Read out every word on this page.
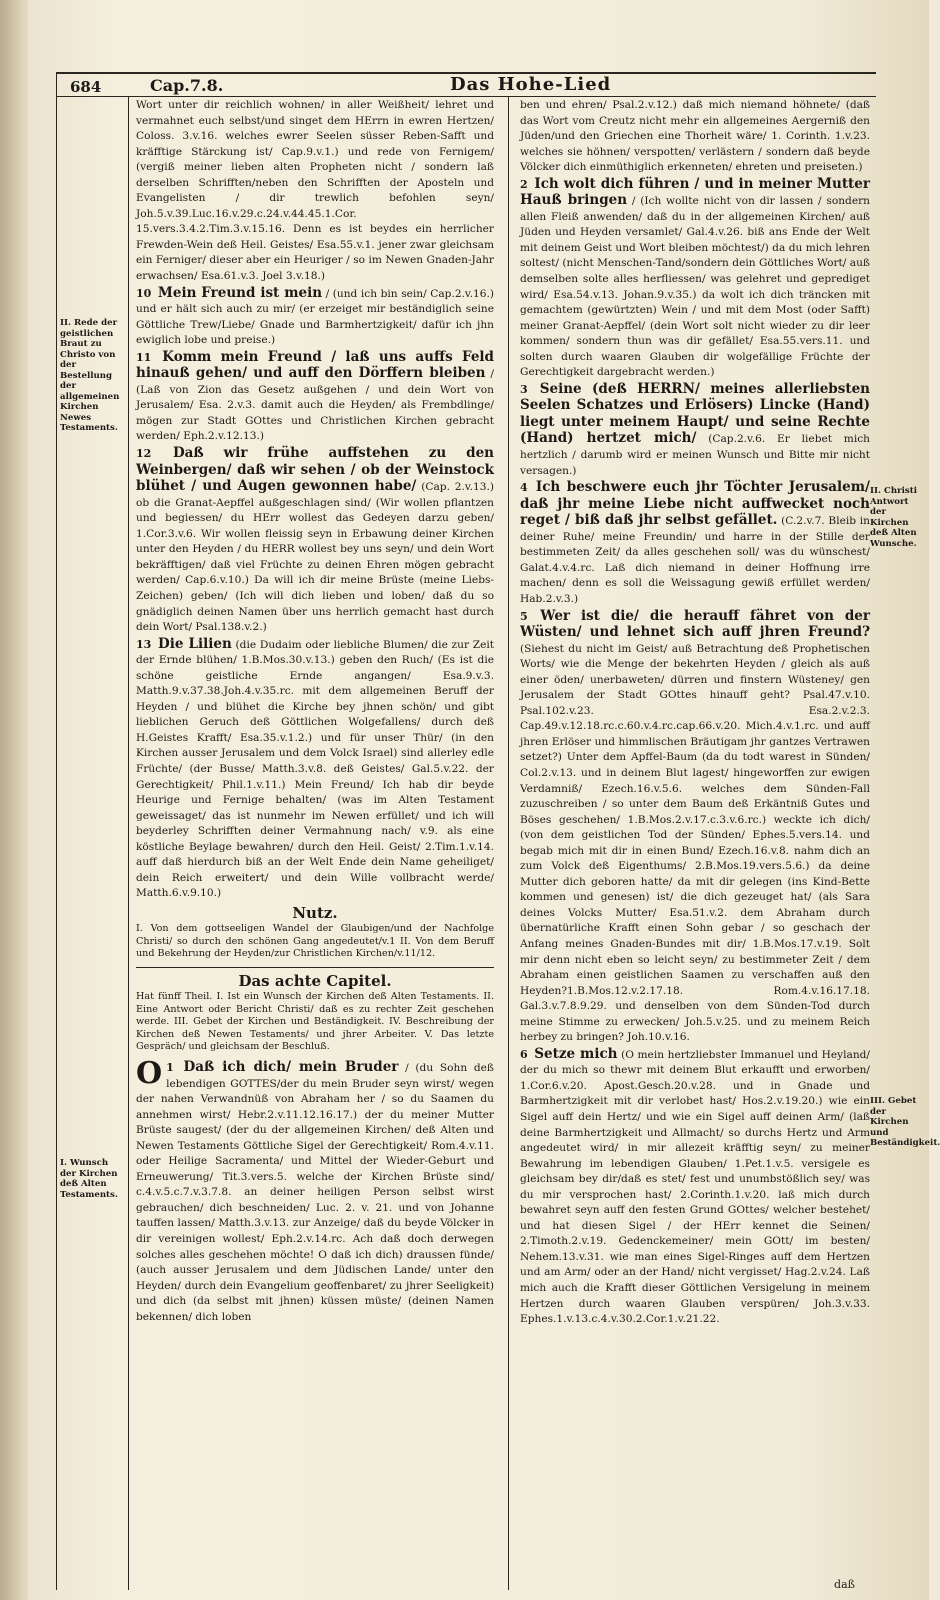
684	Cap.7.8.	Das Hohe-Lied
II. Rede der geistlichen Braut zu Christo von der Bestellung der allgemeinen Kirchen Newes Testaments.
I. Wunsch der Kirchen deß Alten Testaments.
II. Christi Antwort der Kirchen deß Alten Wunsche.
III. Gebet der Kirchen und Beständigkeit.

Wort unter dir reichlich wohnen/ in aller Weißheit/ lehret und vermahnet euch selbst/und singet dem HErrn in ewren Hertzen/ Coloss. 3.v.16. welches ewrer Seelen süsser Reben-Safft und kräfftige Stärckung ist/ Cap.9.v.1.) und rede von Fernigem/ (vergiß meiner lieben alten Propheten nicht / sondern laß derselben Schrifften/neben den Schrifften der Aposteln und Evangelisten / dir trewlich befohlen seyn/ Joh.5.v.39.Luc.16.v.29.c.24.v.44.45.1.Cor. 15.vers.3.4.2.Tim.3.v.15.16. Denn es ist beydes ein herrlicher Frewden-Wein deß Heil. Geistes/ Esa.55.v.1. jener zwar gleichsam ein Ferniger/ dieser aber ein Heuriger / so im Newen Gnaden-Jahr erwachsen/ Esa.61.v.3. Joel 3.v.18.)

10 Mein Freund ist mein / (und ich bin sein/ Cap.2.v.16.) und er hält sich auch zu mir/ (er erzeiget mir beständiglich seine Göttliche Trew/Liebe/ Gnade und Barmhertzigkeit/ dafür ich jhn ewiglich lobe und preise.)

11 Komm mein Freund / laß uns auffs Feld hinauß gehen/ und auff den Dörffern bleiben / (Laß von Zion das Gesetz außgehen / und dein Wort von Jerusalem/ Esa. 2.v.3. damit auch die Heyden/ als Frembdlinge/ mögen zur Stadt GOttes und Christlichen Kirchen gebracht werden/ Eph.2.v.12.13.)

12 Daß wir frühe auffstehen zu den Weinbergen/ daß wir sehen / ob der Weinstock blühet / und Augen gewonnen habe/ (Cap. 2.v.13.) ob die Granat-Aepffel außgeschlagen sind/ (Wir wollen pflantzen und begiessen/ du HErr wollest das Gedeyen darzu geben/ 1.Cor.3.v.6. Wir wollen fleissig seyn in Erbawung deiner Kirchen unter den Heyden / du HERR wollest bey uns seyn/ und dein Wort bekräfftigen/ daß viel Früchte zu deinen Ehren mögen gebracht werden/ Cap.6.v.10.) Da will ich dir meine Brüste (meine Liebs-Zeichen) geben/ (Ich will dich lieben und loben/ daß du so gnädiglich deinen Namen über uns herrlich gemacht hast durch dein Wort/ Psal.138.v.2.)

13 Die Lilien (die Dudaim oder liebliche Blumen/ die zur Zeit der Ernde blühen/ 1.B.Mos.30.v.13.) geben den Ruch/ (Es ist die schöne geistliche Ernde angangen/ Esa.9.v.3. Matth.9.v.37.38.Joh.4.v.35.rc. mit dem allgemeinen Beruff der Heyden / und blühet die Kirche bey jhnen schön/ und gibt lieblichen Geruch deß Göttlichen Wolgefallens/ durch deß H.Geistes Krafft/ Esa.35.v.1.2.) und für unser Thür/ (in den Kirchen ausser Jerusalem und dem Volck Israel) sind allerley edle Früchte/ (der Busse/ Matth.3.v.8. deß Geistes/ Gal.5.v.22. der Gerechtigkeit/ Phil.1.v.11.) Mein Freund/ Ich hab dir beyde Heurige und Fernige behalten/ (was im Alten Testament geweissaget/ das ist nunmehr im Newen erfüllet/ und ich will beyderley Schrifften deiner Vermahnung nach/ v.9. als eine köstliche Beylage bewahren/ durch den Heil. Geist/ 2.Tim.1.v.14. auff daß hierdurch biß an der Welt Ende dein Name geheiliget/ dein Reich erweitert/ und dein Wille vollbracht werde/ Matth.6.v.9.10.)

Nutz.
I. Von dem gottseeligen Wandel der Glaubigen/und der Nachfolge Christi/ so durch den schönen Gang angedeutet/v.1 II. Von dem Beruff und Bekehrung der Heyden/zur Christlichen Kirchen/v.11/12.
Das achte Capitel.
Hat fünff Theil. I. Ist ein Wunsch der Kirchen deß Alten Testaments. II. Eine Antwort oder Bericht Christi/ daß es zu rechter Zeit geschehen werde. III. Gebet der Kirchen und Beständigkeit. IV. Beschreibung der Kirchen deß Newen Testaments/ und jhrer Arbeiter. V. Das letzte Gespräch/ und gleichsam der Beschluß.

1
O Daß ich dich/ mein Bruder / (du Sohn deß lebendigen GOTTES/der du mein Bruder seyn wirst/ wegen der nahen Verwandnüß von Abraham her / so du Saamen du annehmen wirst/ Hebr.2.v.11.12.16.17.) der du meiner Mutter Brüste saugest/ (der du der allgemeinen Kirchen/ deß Alten und Newen Testaments Göttliche Sigel der Gerechtigkeit/ Rom.4.v.11. oder Heilige Sacramenta/ und Mittel der Wieder-Geburt und Erneuwerung/ Tit.3.vers.5. welche der Kirchen Brüste sind/ c.4.v.5.c.7.v.3.7.8. an deiner heiligen Person selbst wirst gebrauchen/ dich beschneiden/ Luc. 2. v. 21. und von Johanne tauffen lassen/ Matth.3.v.13. zur Anzeige/ daß du beyde Völcker in dir vereinigen wollest/ Eph.2.v.14.rc. Ach daß doch derwegen solches alles geschehen möchte! O daß ich dich) draussen fünde/ (auch ausser Jerusalem und dem Jüdischen Lande/ unter den Heyden/ durch dein Evangelium geoffenbaret/ zu jhrer Seeligkeit) und dich (da selbst mit jhnen) küssen müste/ (deinen Namen bekennen/ dich loben

ben und ehren/ Psal.2.v.12.) daß mich niemand höhnete/ (daß das Wort vom Creutz nicht mehr ein allgemeines Aergerniß den Jüden/und den Griechen eine Thorheit wäre/ 1. Corinth. 1.v.23. welches sie höhnen/ verspotten/ verlästern / sondern daß beyde Völcker dich einmüthiglich erkenneten/ ehreten und preiseten.)

2 Ich wolt dich führen / und in meiner Mutter Hauß bringen / (Ich wollte nicht von dir lassen / sondern allen Fleiß anwenden/ daß du in der allgemeinen Kirchen/ auß Jüden und Heyden versamlet/ Gal.4.v.26. biß ans Ende der Welt mit deinem Geist und Wort bleiben möchtest/) da du mich lehren soltest/ (nicht Menschen-Tand/sondern dein Göttliches Wort/ auß demselben solte alles herfliessen/ was gelehret und geprediget wird/ Esa.54.v.13. Johan.9.v.35.) da wolt ich dich träncken mit gemachtem (gewürtzten) Wein / und mit dem Most (oder Safft) meiner Granat-Aepffel/ (dein Wort solt nicht wieder zu dir leer kommen/ sondern thun was dir gefället/ Esa.55.vers.11. und solten durch waaren Glauben dir wolgefällige Früchte der Gerechtigkeit dargebracht werden.)

3 Seine (deß HERRN/ meines allerliebsten Seelen Schatzes und Erlösers) Lincke (Hand) liegt unter meinem Haupt/ und seine Rechte (Hand) hertzet mich/ (Cap.2.v.6. Er liebet mich hertzlich / darumb wird er meinen Wunsch und Bitte mir nicht versagen.)

4 Ich beschwere euch jhr Töchter Jerusalem/ daß jhr meine Liebe nicht auffwecket noch reget / biß daß jhr selbst gefället. (C.2.v.7. Bleib in deiner Ruhe/ meine Freundin/ und harre in der Stille der bestimmeten Zeit/ da alles geschehen soll/ was du wünschest/ Galat.4.v.4.rc. Laß dich niemand in deiner Hoffnung irre machen/ denn es soll die Weissagung gewiß erfüllet werden/ Hab.2.v.3.)

5 Wer ist die/ die herauff fähret von der Wüsten/ und lehnet sich auff jhren Freund? (Siehest du nicht im Geist/ auß Betrachtung deß Prophetischen Worts/ wie die Menge der bekehrten Heyden / gleich als auß einer öden/ unerbaweten/ dürren und finstern Wüsteney/ gen Jerusalem der Stadt GOttes hinauff geht? Psal.47.v.10. Psal.102.v.23. Esa.2.v.2.3. Cap.49.v.12.18.rc.c.60.v.4.rc.cap.66.v.20. Mich.4.v.1.rc. und auff jhren Erlöser und himmlischen Bräutigam jhr gantzes Vertrawen setzet?) Unter dem Apffel-Baum (da du todt warest in Sünden/ Col.2.v.13. und in deinem Blut lagest/ hingeworffen zur ewigen Verdamniß/ Ezech.16.v.5.6. welches dem Sünden-Fall zuzuschreiben / so unter dem Baum deß Erkäntniß Gutes und Böses geschehen/ 1.B.Mos.2.v.17.c.3.v.6.rc.) weckte ich dich/ (von dem geistlichen Tod der Sünden/ Ephes.5.vers.14. und begab mich mit dir in einen Bund/ Ezech.16.v.8. nahm dich an zum Volck deß Eigenthums/ 2.B.Mos.19.vers.5.6.) da deine Mutter dich geboren hatte/ da mit dir gelegen (ins Kind-Bette kommen und genesen) ist/ die dich gezeuget hat/ (als Sara deines Volcks Mutter/ Esa.51.v.2. dem Abraham durch übernatürliche Krafft einen Sohn gebar / so geschach der Anfang meines Gnaden-Bundes mit dir/ 1.B.Mos.17.v.19. Solt mir denn nicht eben so leicht seyn/ zu bestimmeter Zeit / dem Abraham einen geistlichen Saamen zu verschaffen auß den Heyden?1.B.Mos.12.v.2.17.18. Rom.4.v.16.17.18. Gal.3.v.7.8.9.29. und denselben von dem Sünden-Tod durch meine Stimme zu erwecken/ Joh.5.v.25. und zu meinem Reich herbey zu bringen? Joh.10.v.16.

6 Setze mich (O mein hertzliebster Immanuel und Heyland/ der du mich so thewr mit deinem Blut erkaufft und erworben/ 1.Cor.6.v.20. Apost.Gesch.20.v.28. und in Gnade und Barmhertzigkeit mit dir verlobet hast/ Hos.2.v.19.20.) wie ein Sigel auff dein Hertz/ und wie ein Sigel auff deinen Arm/ (laß deine Barmhertzigkeit und Allmacht/ so durchs Hertz und Arm angedeutet wird/ in mir allezeit kräfftig seyn/ zu meiner Bewahrung im lebendigen Glauben/ 1.Pet.1.v.5. versigele es gleichsam bey dir/daß es stet/ fest und unumbstößlich sey/ was du mir versprochen hast/ 2.Corinth.1.v.20. laß mich durch bewahret seyn auff den festen Grund GOttes/ welcher bestehet/ und hat diesen Sigel / der HErr kennet die Seinen/ 2.Timoth.2.v.19. Gedenckemeiner/ mein GOtt/ im besten/ Nehem.13.v.31. wie man eines Sigel-Ringes auff dem Hertzen und am Arm/ oder an der Hand/ nicht vergisset/ Hag.2.v.24. Laß mich auch die Krafft dieser Göttlichen Versigelung in meinem Hertzen durch waaren Glauben verspüren/ Joh.3.v.33. Ephes.1.v.13.c.4.v.30.2.Cor.1.v.21.22.

daß
